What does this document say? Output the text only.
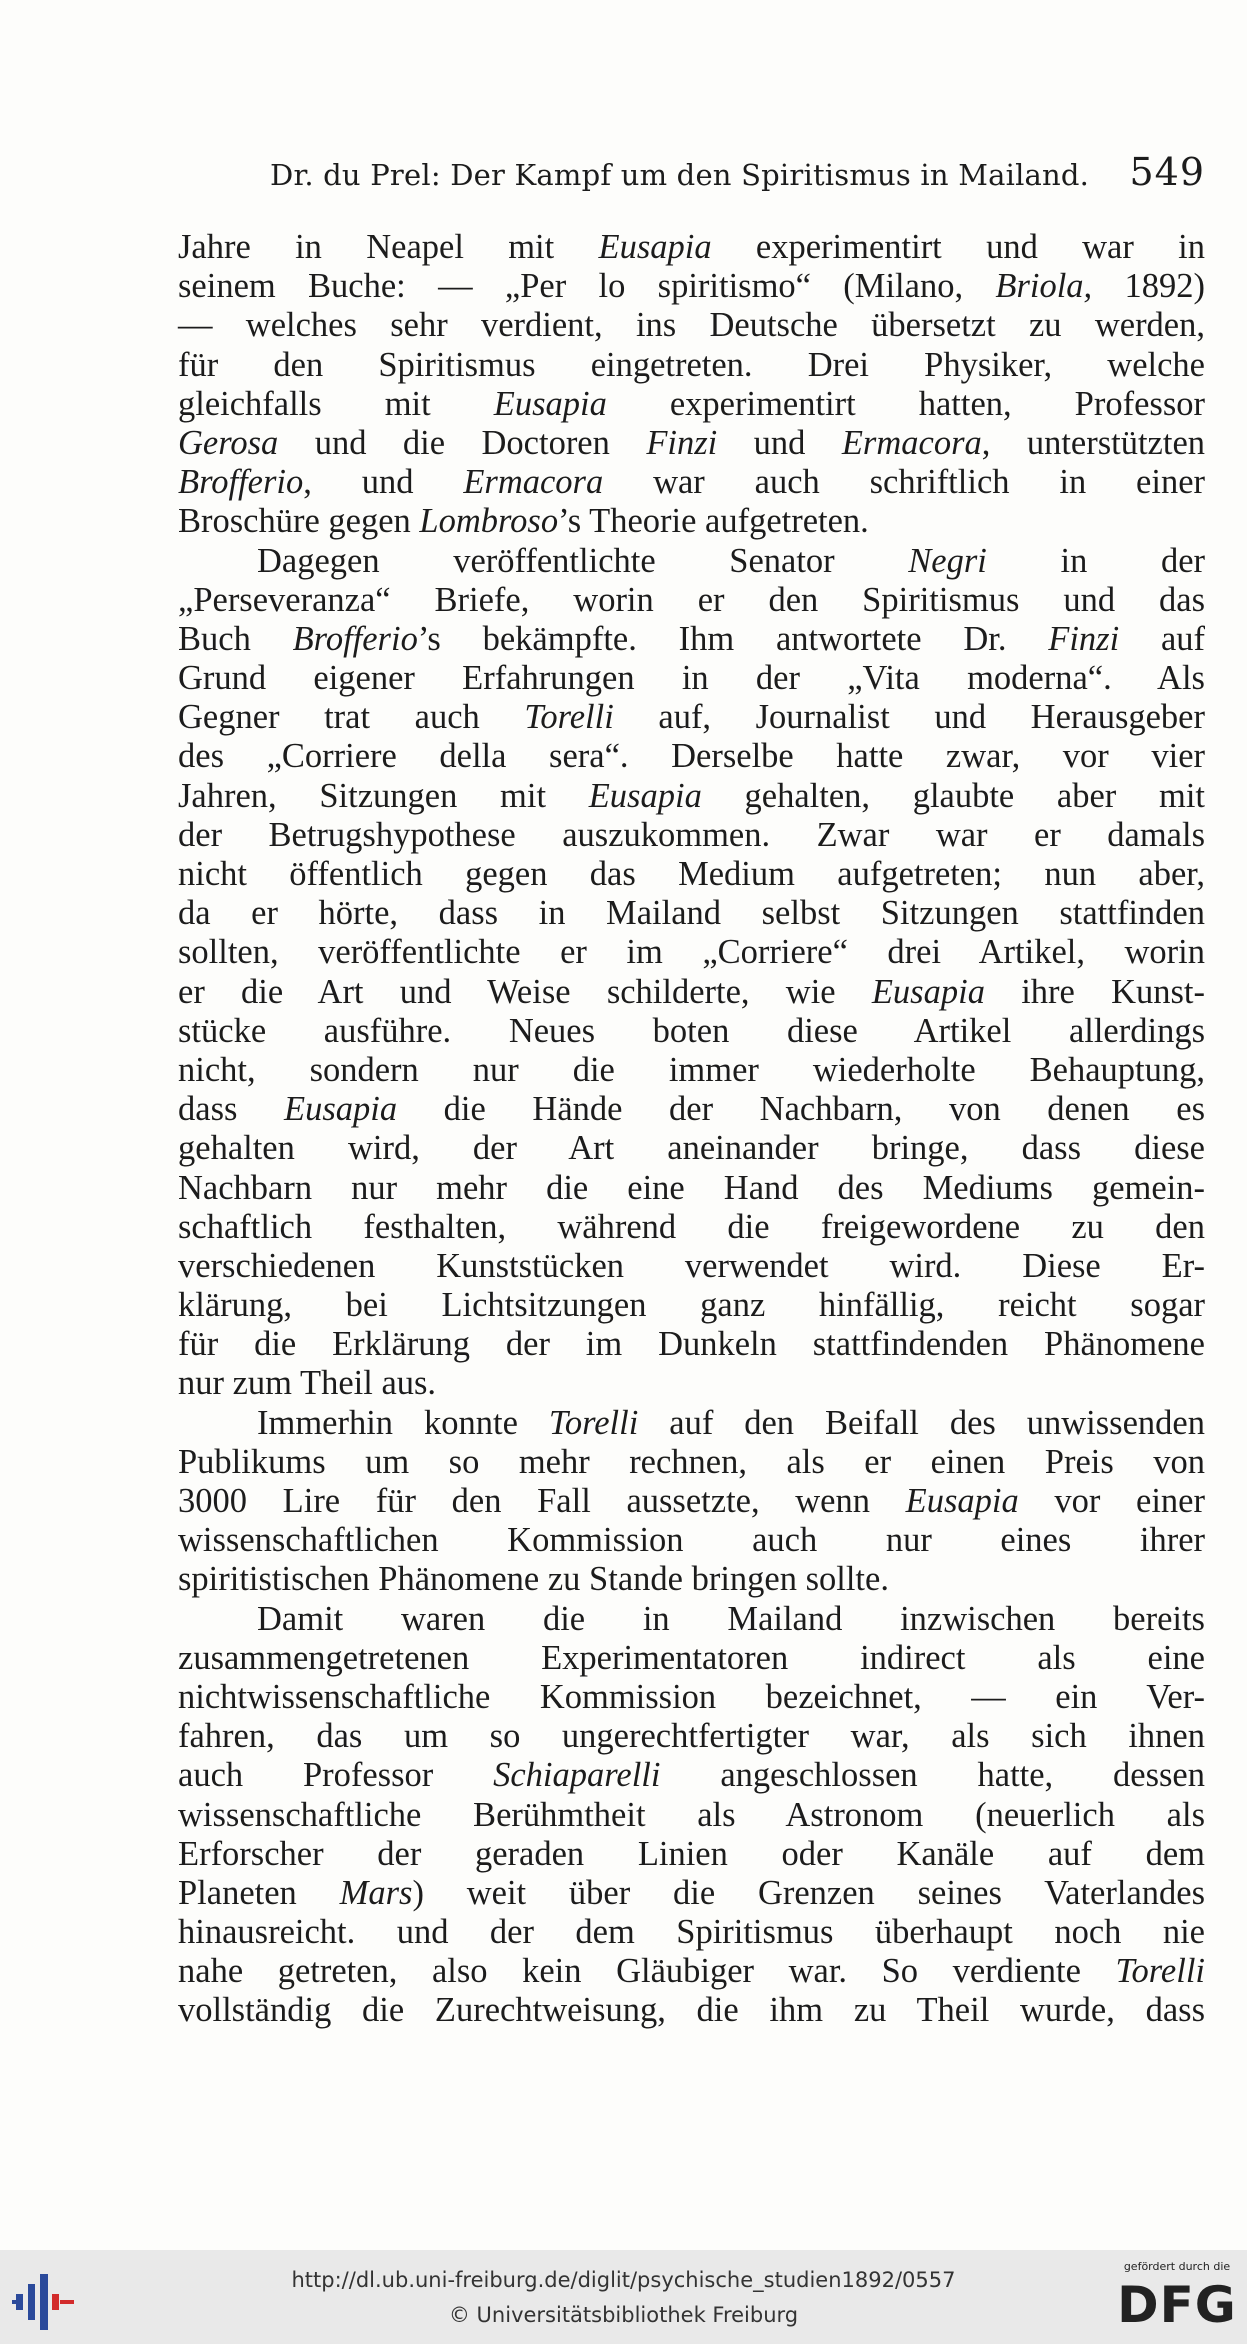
Dr. du Prel: Der Kampf um den Spiritismus in Mailand. 549
Jahre in Neapel mit Eusapia experimentirt und war in
seinem Buche: — „Per lo spiritismo“ (Milano, Briola, 1892)
— welches sehr verdient, ins Deutsche übersetzt zu werden,
für den Spiritismus eingetreten. Drei Physiker, welche
gleichfalls mit Eusapia experimentirt hatten, Professor
Gerosa und die Doctoren Finzi und Ermacora, unterstützten
Brofferio, und Ermacora war auch schriftlich in einer
Broschüre gegen Lombroso’s Theorie aufgetreten.
Dagegen veröffentlichte Senator Negri in der
„Perseveranza“ Briefe, worin er den Spiritismus und das
Buch Brofferio’s bekämpfte. Ihm antwortete Dr. Finzi auf
Grund eigener Erfahrungen in der „Vita moderna“. Als
Gegner trat auch Torelli auf, Journalist und Herausgeber
des „Corriere della sera“. Derselbe hatte zwar, vor vier
Jahren, Sitzungen mit Eusapia gehalten, glaubte aber mit
der Betrugshypothese auszukommen. Zwar war er damals
nicht öffentlich gegen das Medium aufgetreten; nun aber,
da er hörte, dass in Mailand selbst Sitzungen stattfinden
sollten, veröffentlichte er im „Corriere“ drei Artikel, worin
er die Art und Weise schilderte, wie Eusapia ihre Kunst-
stücke ausführe. Neues boten diese Artikel allerdings
nicht, sondern nur die immer wiederholte Behauptung,
dass Eusapia die Hände der Nachbarn, von denen es
gehalten wird, der Art aneinander bringe, dass diese
Nachbarn nur mehr die eine Hand des Mediums gemein-
schaftlich festhalten, während die freigewordene zu den
verschiedenen Kunststücken verwendet wird. Diese Er-
klärung, bei Lichtsitzungen ganz hinfällig, reicht sogar
für die Erklärung der im Dunkeln stattfindenden Phänomene
nur zum Theil aus.
Immerhin konnte Torelli auf den Beifall des unwissenden
Publikums um so mehr rechnen, als er einen Preis von
3000 Lire für den Fall aussetzte, wenn Eusapia vor einer
wissenschaftlichen Kommission auch nur eines ihrer
spiritistischen Phänomene zu Stande bringen sollte.
Damit waren die in Mailand inzwischen bereits
zusammengetretenen Experimentatoren indirect als eine
nichtwissenschaftliche Kommission bezeichnet, — ein Ver-
fahren, das um so ungerechtfertigter war, als sich ihnen
auch Professor Schiaparelli angeschlossen hatte, dessen
wissenschaftliche Berühmtheit als Astronom (neuerlich als
Erforscher der geraden Linien oder Kanäle auf dem
Planeten Mars) weit über die Grenzen seines Vaterlandes
hinausreicht. und der dem Spiritismus überhaupt noch nie
nahe getreten, also kein Gläubiger war. So verdiente Torelli
vollständig die Zurechtweisung, die ihm zu Theil wurde, dass
http://dl.ub.uni-freiburg.de/diglit/psychische_studien1892/0557
© Universitätsbibliothek Freiburg
gefördert durch die
DFG
